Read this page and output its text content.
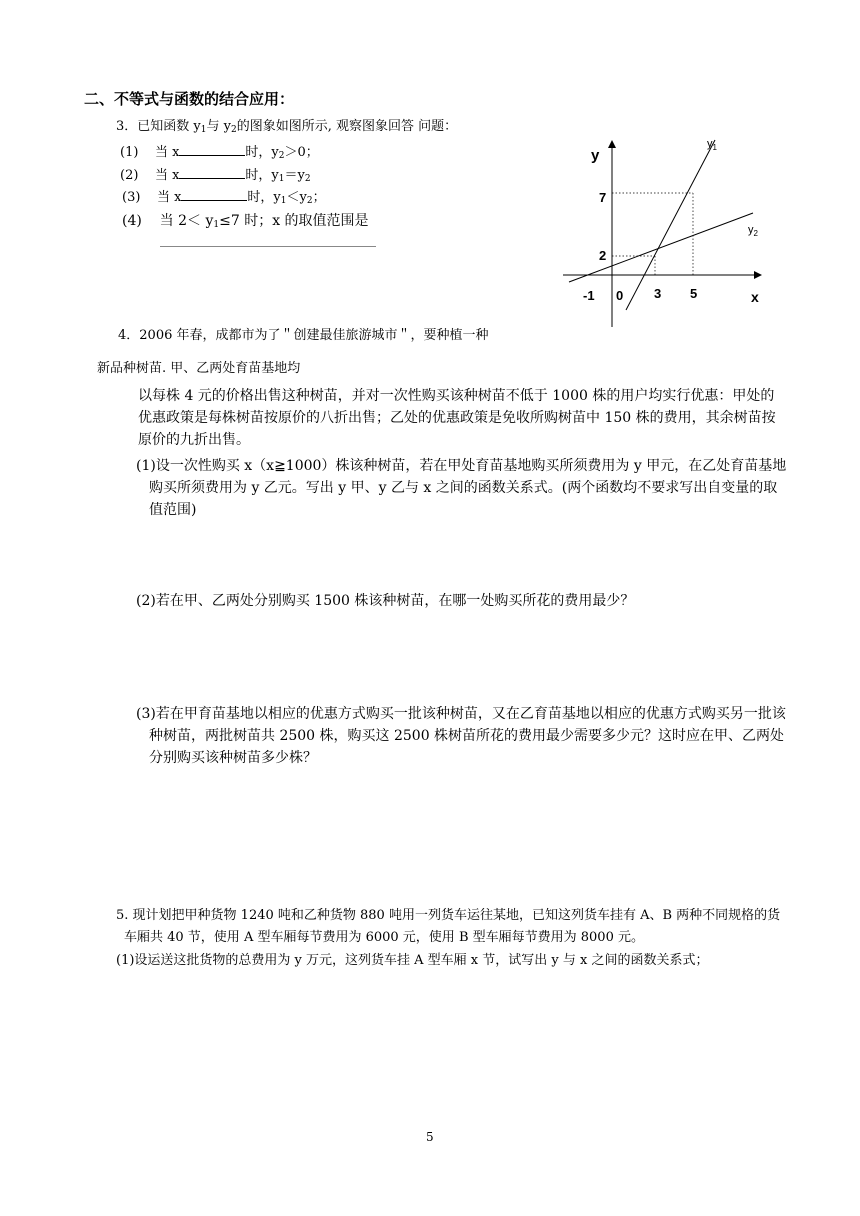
二、不等式与函数的结合应用：
3．已知函数 $y_1$与 $y_2$的图象如图所示, 观察图象回答 问题：
(1) 当 x	时，$y_2>0$；
(2) 当 x	时，$y_1=y_2$
(3) 当 x	时，$y_1<y_2$；
(4) 当 $2< y_1\le 7$ 时；x 的取值范围是
y
x
$y_1$
$y_2$
7
2
-1 0 3 5
4．2006 年春，成都市为了＂创建最佳旅游城市＂，要种植一种
新品种树苗. 甲、乙两处育苗基地均
以每株 4 元的价格出售这种树苗，并对一次性购买该种树苗不低于 1000 株的用户均实行优惠：甲处的优惠政策是每株树苗按原价的八折出售；乙处的优惠政策是免收所购树苗中 150 株的费用，其余树苗按原价的九折出售。
(1)设一次性购买 x（x≧1000）株该种树苗，若在甲处育苗基地购买所须费用为 y 甲元，在乙处育苗基地购买所须费用为 y 乙元。写出 y 甲、y 乙与 x 之间的函数关系式。(两个函数均不要求写出自变量的取值范围)
(2)若在甲、乙两处分别购买 1500 株该种树苗，在哪一处购买所花的费用最少？
(3)若在甲育苗基地以相应的优惠方式购买一批该种树苗，又在乙育苗基地以相应的优惠方式购买另一批该种树苗，两批树苗共 2500 株，购买这 2500 株树苗所花的费用最少需要多少元？这时应在甲、乙两处分别购买该种树苗多少株？
5. 现计划把甲种货物 1240 吨和乙种货物 880 吨用一列货车运往某地，已知这列货车挂有 A、B 两种不同规格的货车厢共 40 节，使用 A 型车厢每节费用为 6000 元，使用 B 型车厢每节费用为 8000 元。
(1)设运送这批货物的总费用为 y 万元，这列货车挂 A 型车厢 x 节，试写出 y 与 x 之间的函数关系式；
5
